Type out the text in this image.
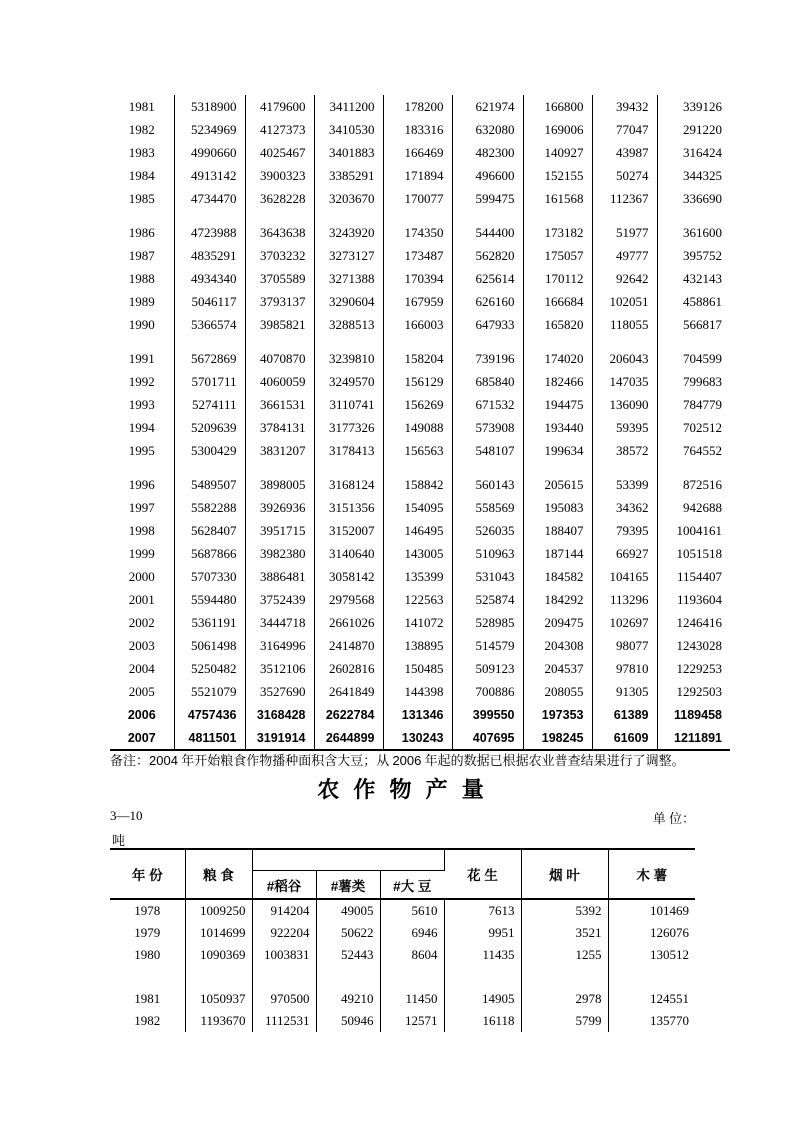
1981	5318900	4179600	3411200	178200	621974	166800	39432	339126
1982	5234969	4127373	3410530	183316	632080	169006	77047	291220
1983	4990660	4025467	3401883	166469	482300	140927	43987	316424
1984	4913142	3900323	3385291	171894	496600	152155	50274	344325
1985	4734470	3628228	3203670	170077	599475	161568	112367	336690

1986	4723988	3643638	3243920	174350	544400	173182	51977	361600
1987	4835291	3703232	3273127	173487	562820	175057	49777	395752
1988	4934340	3705589	3271388	170394	625614	170112	92642	432143
1989	5046117	3793137	3290604	167959	626160	166684	102051	458861
1990	5366574	3985821	3288513	166003	647933	165820	118055	566817

1991	5672869	4070870	3239810	158204	739196	174020	206043	704599
1992	5701711	4060059	3249570	156129	685840	182466	147035	799683
1993	5274111	3661531	3110741	156269	671532	194475	136090	784779
1994	5209639	3784131	3177326	149088	573908	193440	59395	702512
1995	5300429	3831207	3178413	156563	548107	199634	38572	764552

1996	5489507	3898005	3168124	158842	560143	205615	53399	872516
1997	5582288	3926936	3151356	154095	558569	195083	34362	942688
1998	5628407	3951715	3152007	146495	526035	188407	79395	1004161
1999	5687866	3982380	3140640	143005	510963	187144	66927	1051518
2000	5707330	3886481	3058142	135399	531043	184582	104165	1154407
2001	5594480	3752439	2979568	122563	525874	184292	113296	1193604
2002	5361191	3444718	2661026	141072	528985	209475	102697	1246416
2003	5061498	3164996	2414870	138895	514579	204308	98077	1243028
2004	5250482	3512106	2602816	150485	509123	204537	97810	1229253
2005	5521079	3527690	2641849	144398	700886	208055	91305	1292503
2006	4757436	3168428	2622784	131346	399550	197353	61389	1189458
2007	4811501	3191914	2644899	130243	407695	198245	61609	1211891
备注：2004 年开始粮食作物播种面积含大豆；从 2006 年起的数据已根据农业普查结果进行了调整。
农 作 物 产 量
3—10	单 位：
吨
年 份	粮 食				花 生	烟 叶	木 薯
		#稻谷	#薯类	#大 豆			
1978	1009250	914204	49005	5610	7613	5392	101469
1979	1014699	922204	50622	6946	9951	3521	126076
1980	1090369	1003831	52443	8604	11435	1255	130512

1981	1050937	970500	49210	11450	14905	2978	124551
1982	1193670	1112531	50946	12571	16118	5799	135770
